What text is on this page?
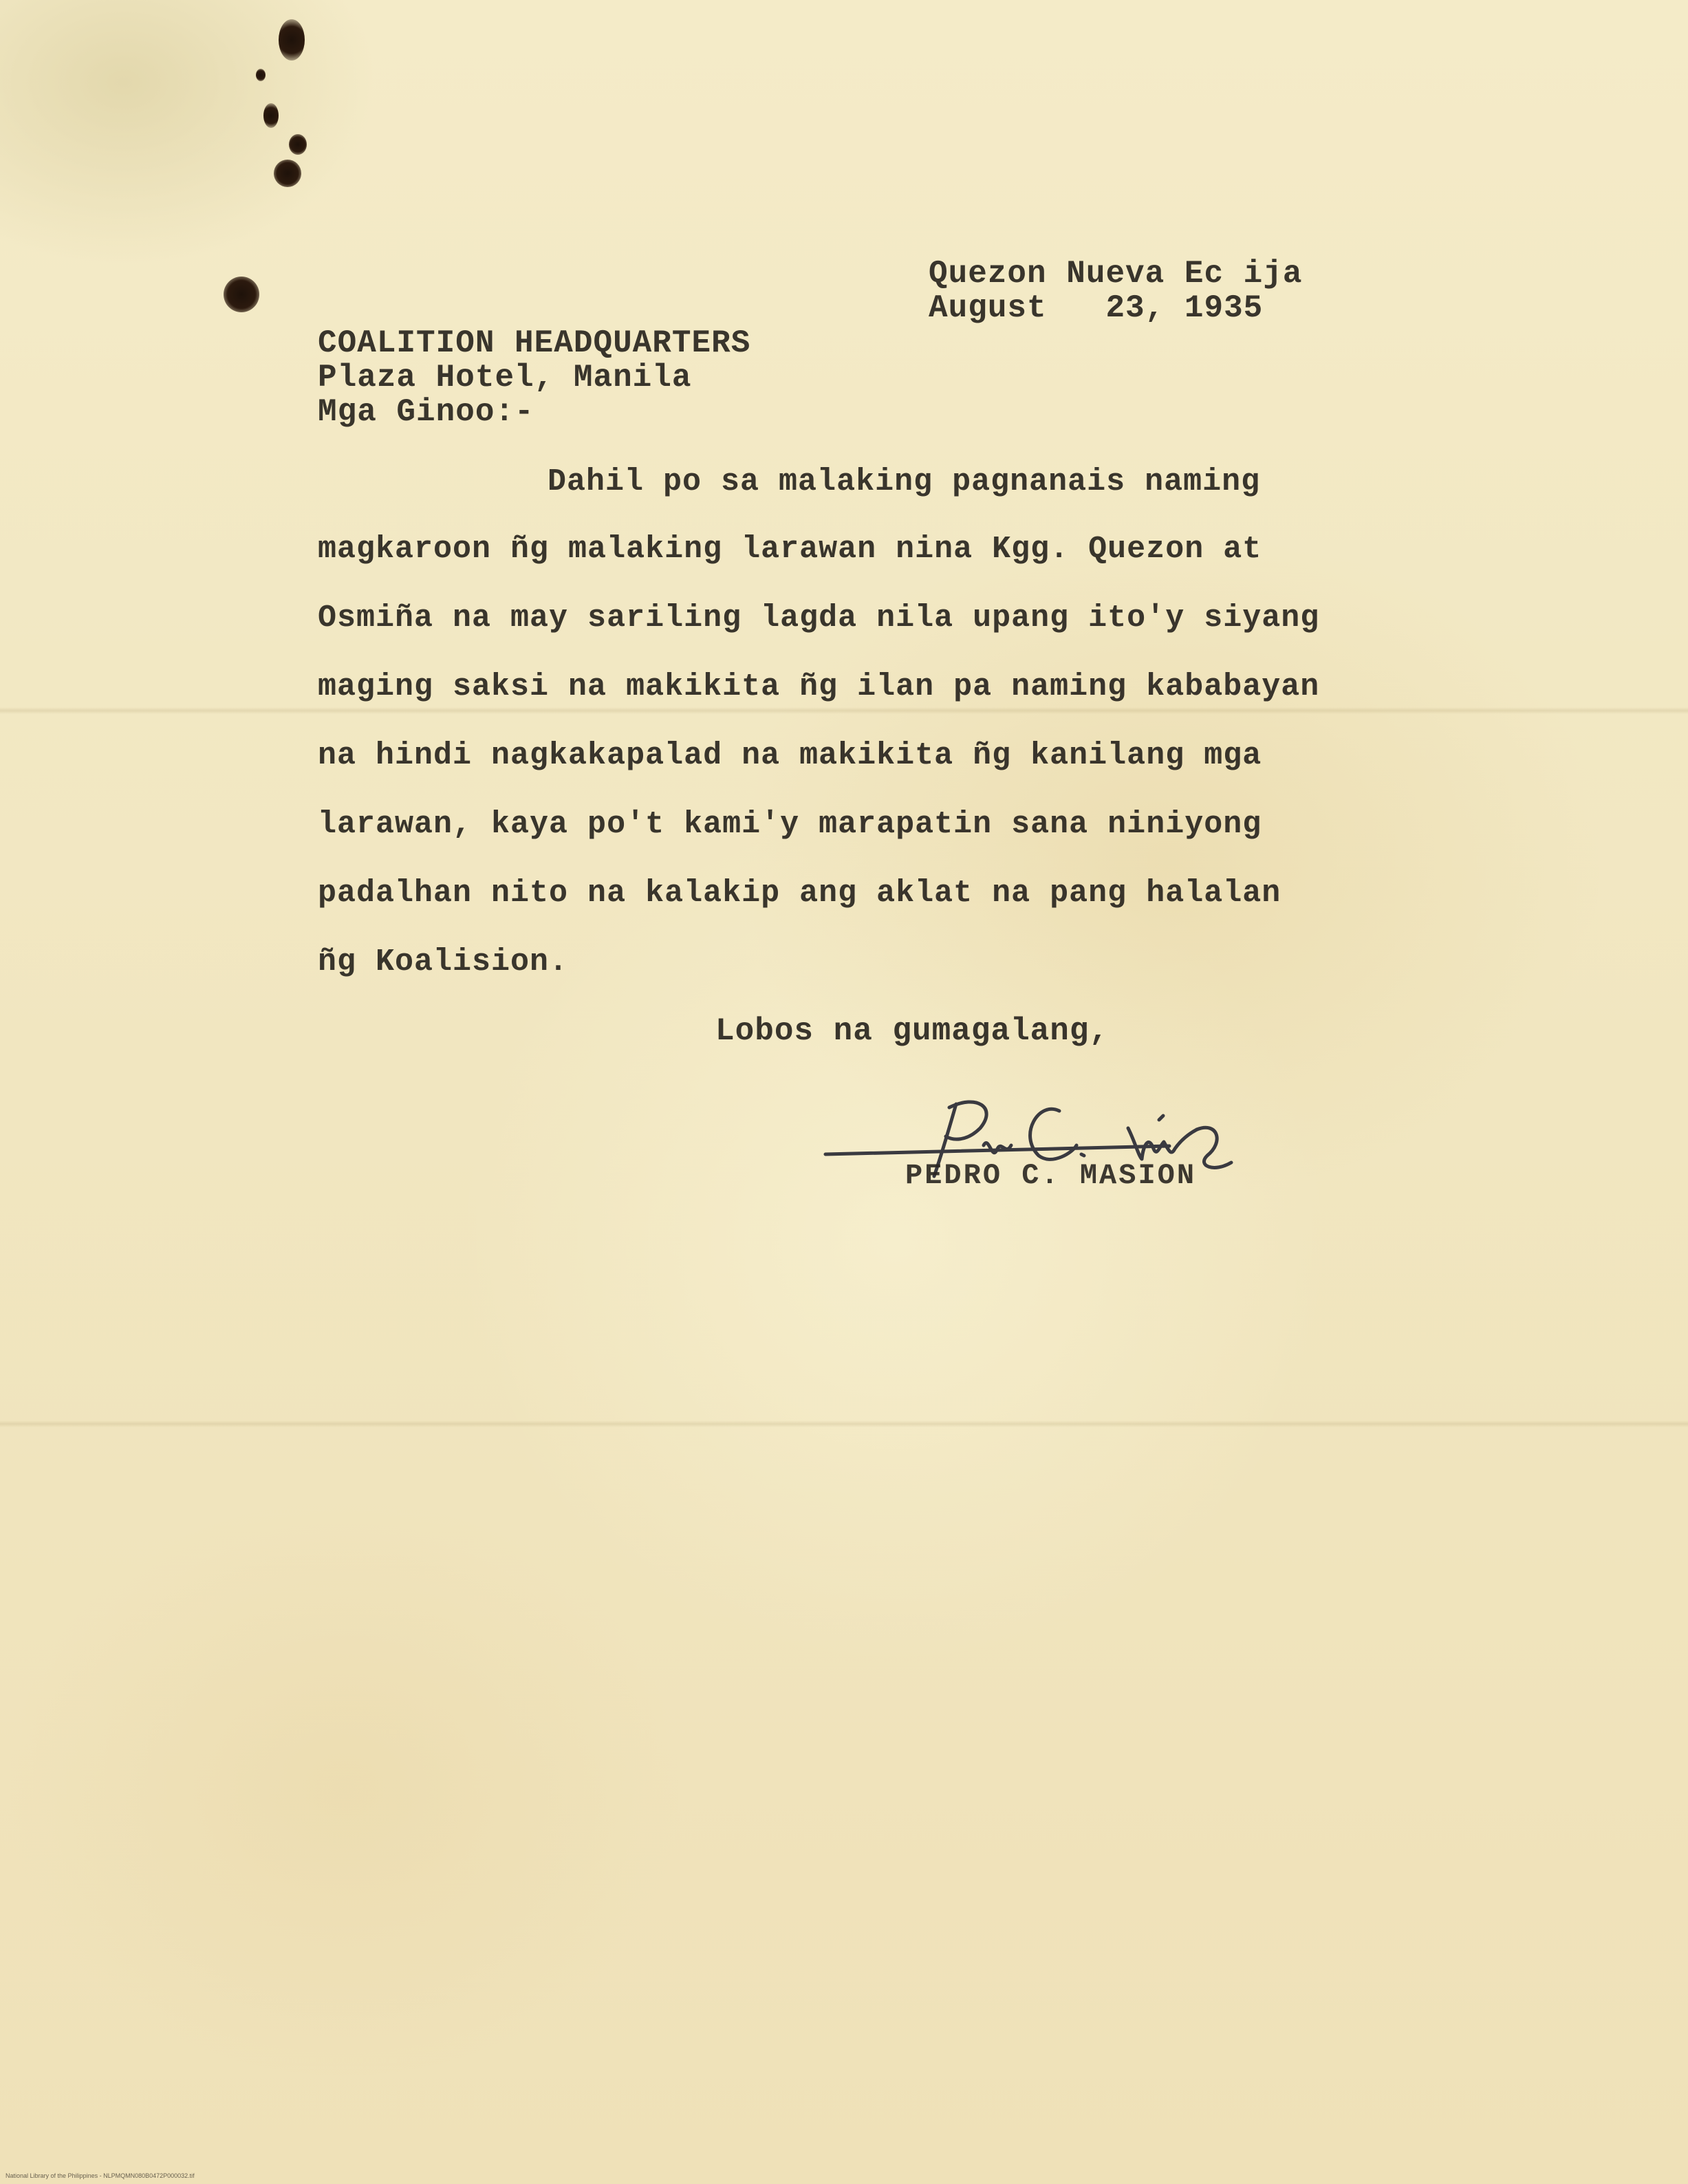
Quezon Nueva Ec ija

August   23, 1935

COALITION HEADQUARTERS

Plaza Hotel, Manila

Mga Ginoo:-

Dahil po sa malaking pagnanais naming

magkaroon ñg malaking larawan nina Kgg. Quezon at

Osmiña na may sariling lagda nila upang ito'y siyang

maging saksi na makikita ñg ilan pa naming kababayan

na hindi nagkakapalad na makikita ñg kanilang mga

larawan, kaya po't kami'y marapatin sana niniyong

padalhan nito na kalakip ang aklat na pang halalan

ñg Koalision.

Lobos na gumagalang,

PEDRO C. MASION

National Library of the Philippines - NLPMQMN080B0472P000032.tif
